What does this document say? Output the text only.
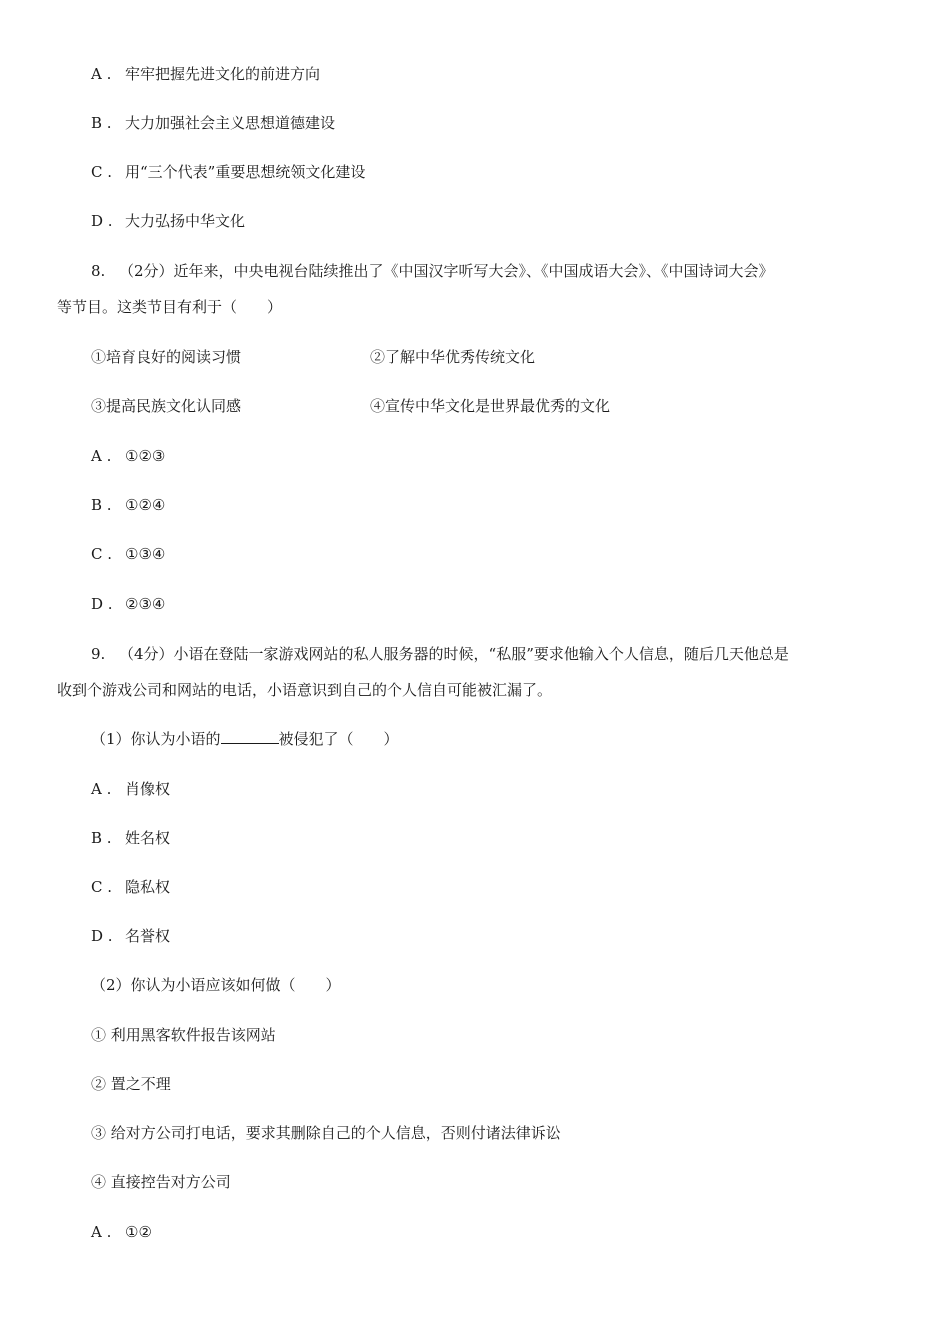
A . 牢牢把握先进文化的前进方向
B . 大力加强社会主义思想道德建设
C . 用“三个代表”重要思想统领文化建设
D . 大力弘扬中华文化
8. （2分）近年来，中央电视台陆续推出了《中国汉字听写大会》、《中国成语大会》、《中国诗词大会》
等节目。这类节目有利于（　　）
①培育良好的阅读习惯	②了解中华优秀传统文化
③提高民族文化认同感	④宣传中华文化是世界最优秀的文化
A . ①②③
B . ①②④
C . ①③④
D . ②③④
9. （4分）小语在登陆一家游戏网站的私人服务器的时候，“私服”要求他输入个人信息，随后几天他总是
收到个游戏公司和网站的电话，小语意识到自己的个人信自可能被汇漏了。
（1）你认为小语的	被侵犯了（　　）
A . 肖像权
B . 姓名权
C . 隐私权
D . 名誉权
（2）你认为小语应该如何做（　　）
① 利用黑客软件报告该网站
② 置之不理
③ 给对方公司打电话，要求其删除自己的个人信息，否则付诸法律诉讼
④ 直接控告对方公司
A . ①②
